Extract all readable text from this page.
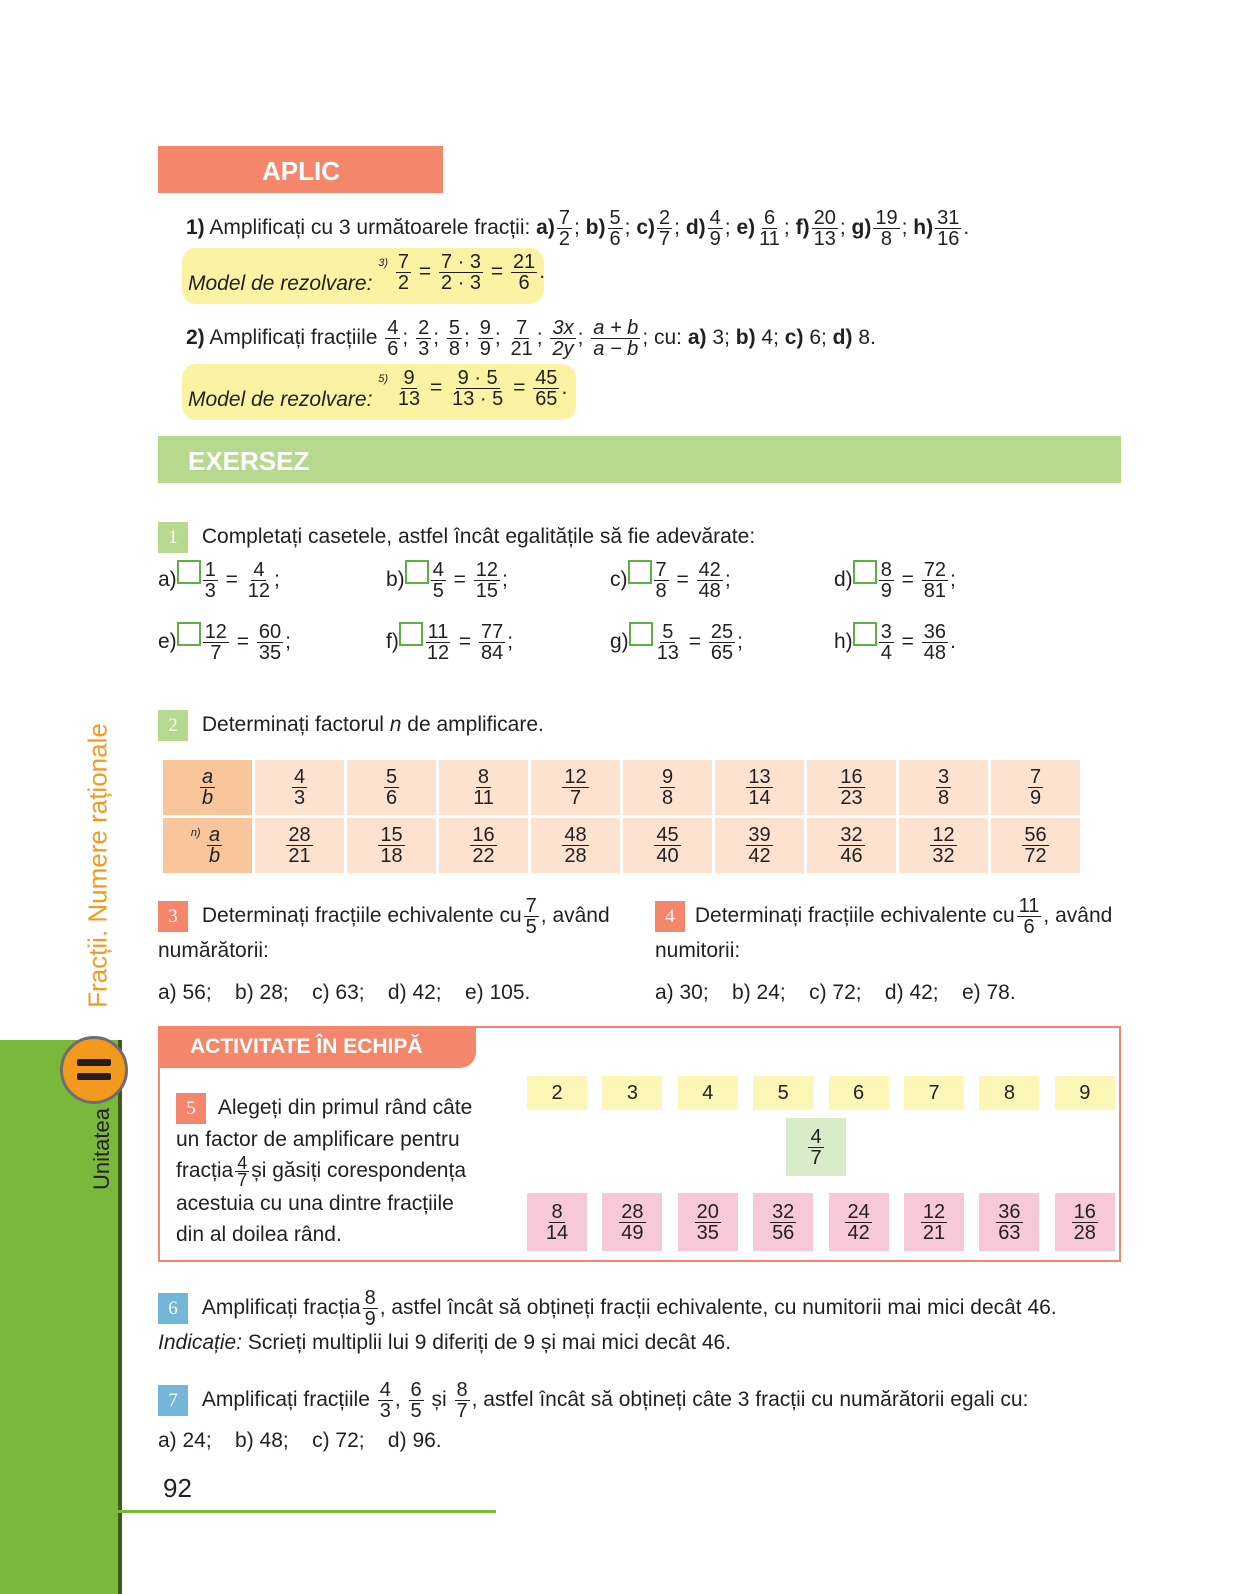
Fracții. Numere raționale
Unitatea
APLIC
1) Amplificați cu 3 următoarele fracții: $a) \frac{7}{2}$ ; $b) \frac{5}{6}$ ; $c) \frac{2}{7}$ ; $d) \frac{4}{9}$ ; $e) \frac{6}{11}$ ; $f) \frac{20}{13}$ ; $g) \frac{19}{8}$ ; $h) \frac{31}{16}$ .
Model de rezolvare: $^{3)} \frac{7}{2} = \frac{7 \cdot 3}{2 \cdot 3} = \frac{21}{6}$ .
2) Amplificați fracțiile $\frac{4}{6}$ ; $\frac{2}{3}$ ; $\frac{5}{8}$ ; $\frac{9}{9}$ ; $\frac{7}{21}$ ; $\frac{3x}{2y}$ ; $\frac{a + b}{a - b}$ ; cu: a) 3; b) 4; c) 6; d) 8.
Model de rezolvare: $^{5)} \frac{9}{13} = \frac{9 \cdot 5}{13 \cdot 5} = \frac{45}{65}$ .
EXERSEZ
1 Completați casetele, astfel încât egalitățile să fie adevărate:
$a) \frac{1}{3} = \frac{4}{12}$ ;	$b) \frac{4}{5} = \frac{12}{15}$ ;	$c) \frac{7}{8} = \frac{42}{48}$ ;	$d) \frac{8}{9} = \frac{72}{81}$ ;
$e) \frac{12}{7} = \frac{60}{35}$ ;	$f) \frac{11}{12} = \frac{77}{84}$ ;	$g) \frac{5}{13} = \frac{25}{65}$ ;	$h) \frac{3}{4} = \frac{36}{48}$ .
2 Determinați factorul n de amplificare.
$\frac{a}{b}$	$\frac{4}{3}$	$\frac{5}{6}$	$\frac{8}{11}$	$\frac{12}{7}$	$\frac{9}{8}$	$\frac{13}{14}$	$\frac{16}{23}$	$\frac{3}{8}$	$\frac{7}{9}$

$^{n)} \frac{a}{b}$	$\frac{28}{21}$	$\frac{15}{18}$	$\frac{16}{22}$	$\frac{48}{28}$	$\frac{45}{40}$	$\frac{39}{42}$	$\frac{32}{46}$	$\frac{12}{32}$	$\frac{56}{72}$
3 Determinați fracțiile echivalente cu $\frac{7}{5}$ , având
numărătorii:
a) 56;    b) 28;    c) 63;    d) 42;    e) 105.
4 Determinați fracțiile echivalente cu $\frac{11}{6}$ , având
numitorii:
a) 30;    b) 24;    c) 72;    d) 42;    e) 78.
ACTIVITATE ÎN ECHIPĂ
5 Alegeți din primul rând câte
un factor de amplificare pentru
fracția $\frac{4}{7}$ și găsiți corespondența
acestuia cu una dintre fracțiile
din al doilea rând.
2	3	4	5	6	7	8	9
$\frac{4}{7}$
$\frac{8}{14} \frac{28}{49} \frac{20}{35} \frac{32}{56} \frac{24}{42} \frac{12}{21} \frac{36}{63} \frac{16}{28}$
6 Amplificați fracția $\frac{8}{9}$ , astfel încât să obțineți fracții echivalente, cu numitorii mai mici decât 46.
Indicație: Scrieți multiplii lui 9 diferiți de 9 și mai mici decât 46.
7 Amplificați fracțiile $\frac{4}{3}$ , $\frac{6}{5}$ și $\frac{8}{7}$ , astfel încât să obțineți câte 3 fracții cu numărătorii egali cu:
a) 24;    b) 48;    c) 72;    d) 96.
92
